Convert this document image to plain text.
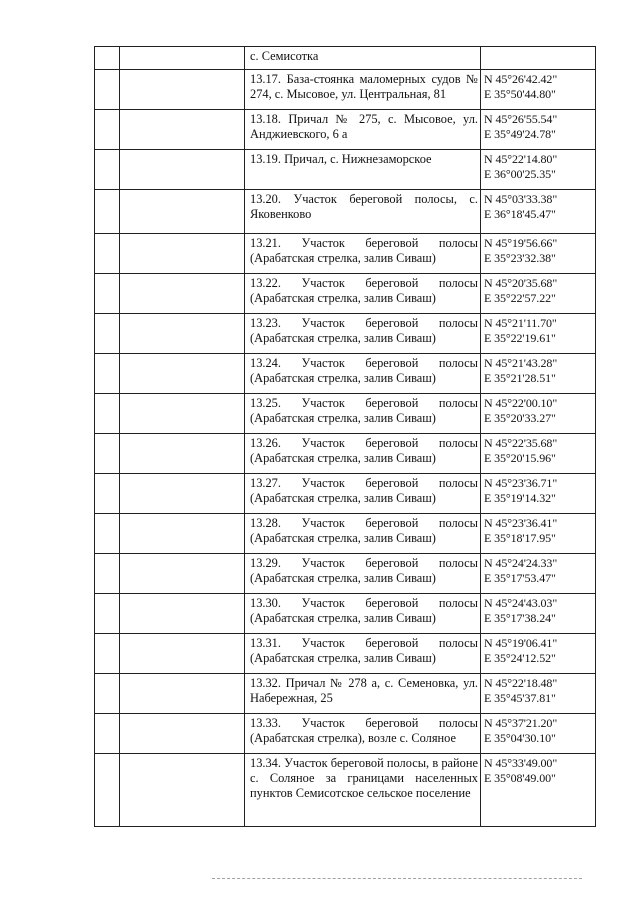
		с. Семисотка	
		13.17. База-стоянка маломерных судов № 274, с. Мысовое, ул. Центральная, 81	N 45°26'42.42"
E 35°50'44.80"

		13.18. Причал № 275, с. Мысовое, ул. Анджиевского, 6 а	N 45°26'55.54"
E 35°49'24.78"

		13.19. Причал, с. Нижнезаморское	N 45°22'14.80"
E 36°00'25.35"

		13.20. Участок береговой полосы, с. Яковенково	N 45°03'33.38"
E 36°18'45.47"

		13.21. Участок береговой полосы (Арабатская стрелка, залив Сиваш)	N 45°19'56.66"
E 35°23'32.38"

		13.22. Участок береговой полосы (Арабатская стрелка, залив Сиваш)	N 45°20'35.68"
E 35°22'57.22"

		13.23. Участок береговой полосы (Арабатская стрелка, залив Сиваш)	N 45°21'11.70"
E 35°22'19.61"

		13.24. Участок береговой полосы (Арабатская стрелка, залив Сиваш)	N 45°21'43.28"
E 35°21'28.51"

		13.25. Участок береговой полосы (Арабатская стрелка, залив Сиваш)	N 45°22'00.10"
E 35°20'33.27"

		13.26. Участок береговой полосы (Арабатская стрелка, залив Сиваш)	N 45°22'35.68"
E 35°20'15.96"

		13.27. Участок береговой полосы (Арабатская стрелка, залив Сиваш)	N 45°23'36.71"
E 35°19'14.32"

		13.28. Участок береговой полосы (Арабатская стрелка, залив Сиваш)	N 45°23'36.41"
E 35°18'17.95"

		13.29. Участок береговой полосы (Арабатская стрелка, залив Сиваш)	N 45°24'24.33"
E 35°17'53.47"

		13.30. Участок береговой полосы (Арабатская стрелка, залив Сиваш)	N 45°24'43.03"
E 35°17'38.24"

		13.31. Участок береговой полосы (Арабатская стрелка, залив Сиваш)	N 45°19'06.41"
E 35°24'12.52"

		13.32. Причал № 278 а, с. Семеновка, ул. Набережная, 25	N 45°22'18.48"
E 35°45'37.81"

		13.33. Участок береговой полосы (Арабатская стрелка), возле с. Соляное	N 45°37'21.20"
E 35°04'30.10"

		13.34. Участок береговой полосы, в районе с. Соляное за границами населенных пунктов Семисотское сельское поселение	N 45°33'49.00"
E 35°08'49.00"
